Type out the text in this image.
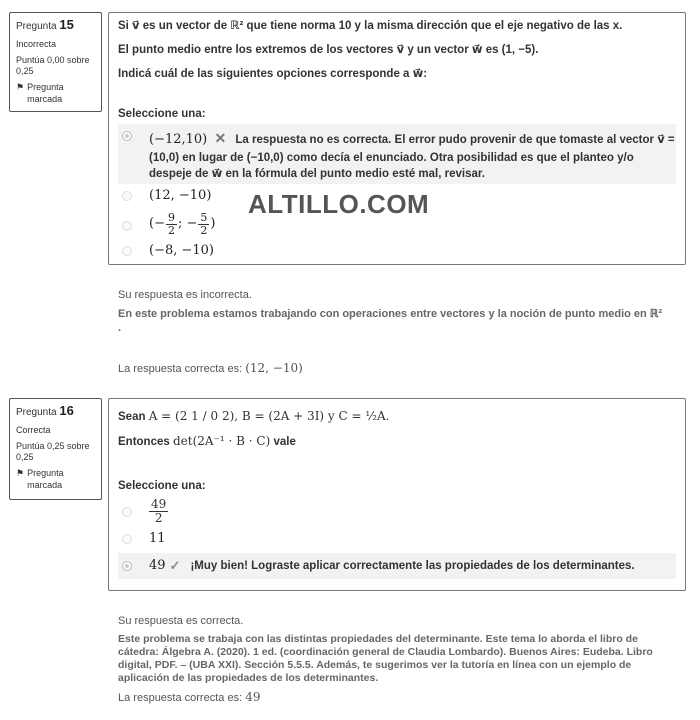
Pregunta 15
Incorrecta
Puntúa 0,00 sobre 0,25
⚑ Pregunta marcada

Si v⃗ es un vector de ℝ² que tiene norma 10 y la misma dirección que el eje negativo de las x.

El punto medio entre los extremos de los vectores v⃗ y un vector w⃗ es (1, −5).

Indicá cuál de las siguientes opciones corresponde a w⃗:

Seleccione una:
(−12,10) ✕ La respuesta no es correcta. El error pudo provenir de que tomaste al vector v⃗ = (10,0) en lugar de (−10,0) como decía el enunciado. Otra posibilidad es que el planteo y/o despeje de w⃗ en la fórmula del punto medio esté mal, revisar.
(12, −10)
(− $\frac{9}{2}$ ; − $\frac{5}{2}$ )
(−8, −10)

Su respuesta es incorrecta.

En este problema estamos trabajando con operaciones entre vectores y la noción de punto medio en ℝ² .

La respuesta correcta es: (12, −10)

Pregunta 16
Correcta
Puntúa 0,25 sobre 0,25
⚑ Pregunta marcada

Sean A = (2 1 / 0 2), B = (2A + 3I) y C = ½A.

Entonces det(2A⁻¹ · B · C) vale

Seleccione una:
$\frac{49}{2}$
11
49 ✓ ¡Muy bien! Lograste aplicar correctamente las propiedades de los determinantes.

Su respuesta es correcta.

Este problema se trabaja con las distintas propiedades del determinante. Este tema lo aborda el libro de cátedra: Álgebra A. (2020). 1 ed. (coordinación general de Claudia Lombardo). Buenos Aires: Eudeba. Libro digital, PDF. – (UBA XXI). Sección 5.5.5. Además, te sugerimos ver la tutoría en línea con un ejemplo de aplicación de las propiedades de los determinantes.

La respuesta correcta es: 49

ALTILLO.COM
